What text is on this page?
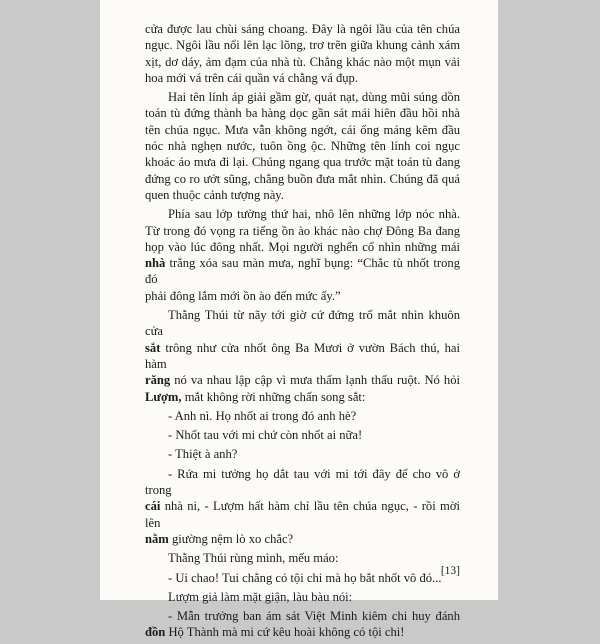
cửa được lau chùi sáng choang. Đây là ngôi lầu của tên chúa
ngục. Ngôi lầu nổi lên lạc lõng, trơ trẽn giữa khung cảnh xám
xịt, dơ dáy, ảm đạm của nhà tù. Chẳng khác nào một mụn vải
hoa mới vá trên cái quần vá chằng vá đụp.
Hai tên lính áp giải gầm gừ, quát nạt, dùng mũi súng dồn
toán tù đứng thành ba hàng dọc gần sát mái hiên đầu hồi nhà
tên chúa ngục. Mưa vẫn không ngớt, cái ống máng kẽm đầu
nóc nhà nghẹn nước, tuôn ồng ộc. Những tên lính coi ngục
khoác áo mưa đi lại. Chúng ngang qua trước mặt toán tù đang
đứng co ro ướt sũng, chẳng buồn đưa mắt nhìn. Chúng đã quá
quen thuộc cảnh tượng này.
Phía sau lớp tường thứ hai, nhô lên những lớp nóc nhà.
Từ trong đó vọng ra tiếng ồn ào khác nào chợ Đông Ba đang
họp vào lúc đông nhất. Mọi người nghển cổ nhìn những mái
nhà trắng xóa sau màn mưa, nghĩ bụng: “Chắc tù nhốt trong đó
phải đông lắm mới ồn ào đến mức ấy.”
Thằng Thúi từ nãy tới giờ cứ đứng trố mắt nhìn khuôn cửa
sắt trông như cửa nhốt ông Ba Mươi ở vườn Bách thú, hai hàm
răng nó va nhau lập cập vì mưa thấm lạnh thấu ruột. Nó hỏi
Lượm, mắt không rời những chấn song sắt:
- Anh nì. Họ nhốt ai trong đó anh hè?
- Nhốt tau với mi chứ còn nhốt ai nữa!
- Thiệt à anh?
- Rứa mi tưởng họ dắt tau với mi tới đây để cho vô ở trong
cái nhà ni, - Lượm hất hàm chỉ lầu tên chúa ngục, - rồi mời lên
nằm giường nệm lò xo chắc?
Thằng Thúi rùng mình, mếu máo:
- Ui chao! Tui chẳng có tội chi mà họ bắt nhốt vô đó...
Lượm giả làm mặt giận, làu bàu nói:
- Mẫn trưởng ban ám sát Việt Minh kiêm chi huy đánh
đồn Hộ Thành mà mi cứ kêu hoài không có tội chi!
[13]
